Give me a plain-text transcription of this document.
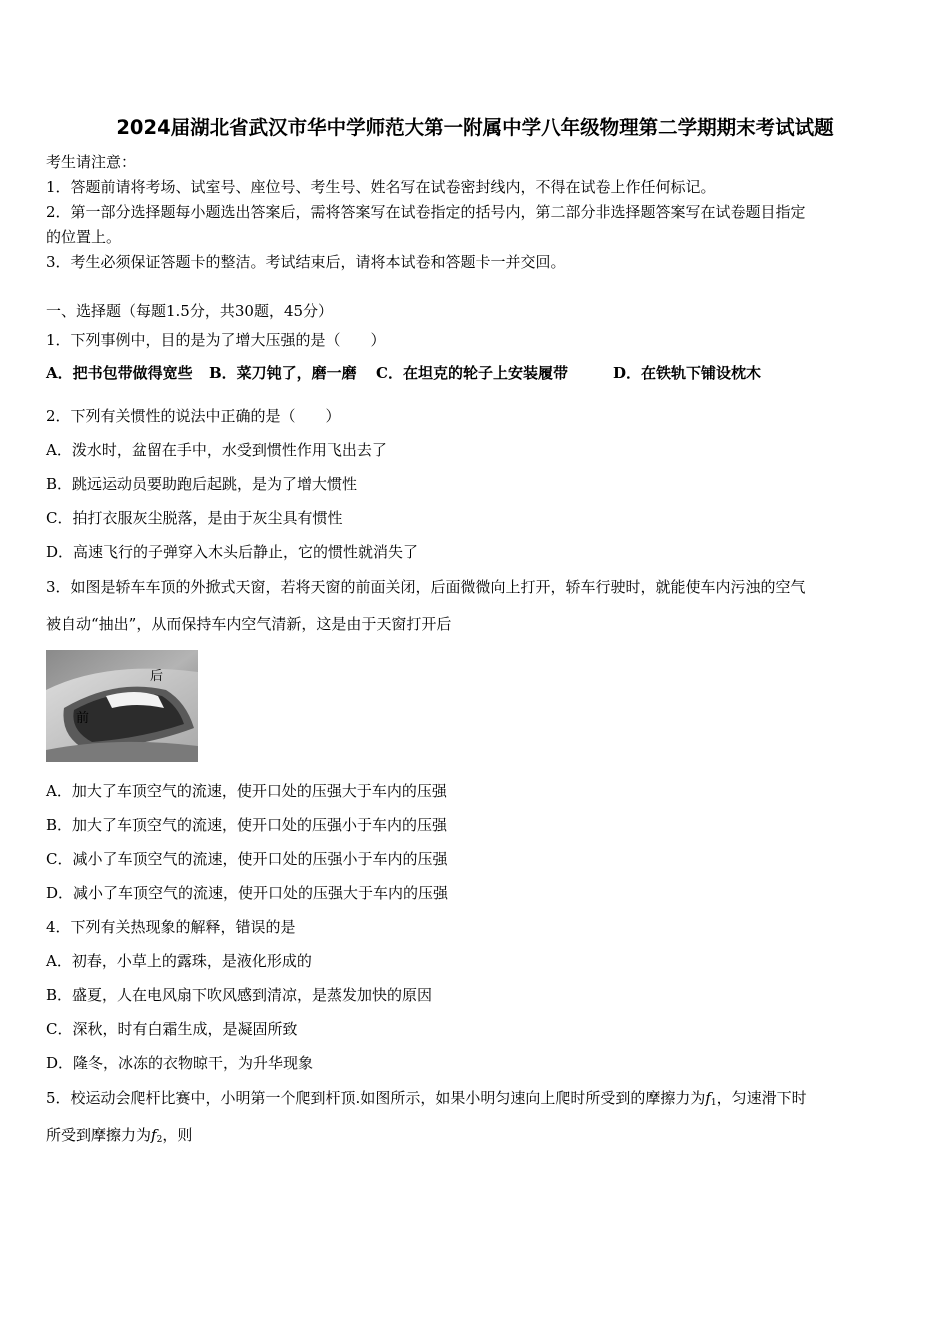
2024届湖北省武汉市华中学师范大第一附属中学八年级物理第二学期期末考试试题
考生请注意：
1．答题前请将考场、试室号、座位号、考生号、姓名写在试卷密封线内，不得在试卷上作任何标记。
2．第一部分选择题每小题选出答案后，需将答案写在试卷指定的括号内，第二部分非选择题答案写在试卷题目指定
的位置上。
3．考生必须保证答题卡的整洁。考试结束后，请将本试卷和答题卡一并交回。
一、选择题（每题1.5分，共30题，45分）
1．下列事例中，目的是为了增大压强的是（　　）
A．把书包带做得宽些 B．菜刀钝了，磨一磨 C．在坦克的轮子上安装履带	D．在铁轨下铺设枕木
2．下列有关惯性的说法中正确的是（　　）
A．泼水时，盆留在手中，水受到惯性作用飞出去了
B．跳远运动员要助跑后起跳，是为了增大惯性
C．拍打衣服灰尘脱落，是由于灰尘具有惯性
D．高速飞行的子弹穿入木头后静止，它的惯性就消失了
3．如图是轿车车顶的外掀式天窗，若将天窗的前面关闭，后面微微向上打开，轿车行驶时，就能使车内污浊的空气
被自动“抽出”，从而保持车内空气清新，这是由于天窗打开后
后
前
A．加大了车顶空气的流速，使开口处的压强大于车内的压强
B．加大了车顶空气的流速，使开口处的压强小于车内的压强
C．减小了车顶空气的流速，使开口处的压强小于车内的压强
D．减小了车顶空气的流速，使开口处的压强大于车内的压强
4．下列有关热现象的解释，错误的是
A．初春，小草上的露珠，是液化形成的
B．盛夏，人在电风扇下吹风感到清凉，是蒸发加快的原因
C．深秋，时有白霜生成，是凝固所致
D．隆冬，冰冻的衣物晾干，为升华现象
5．校运动会爬杆比赛中，小明第一个爬到杆顶.如图所示，如果小明匀速向上爬时所受到的摩擦力为$f_1$，匀速滑下时
所受到摩擦力为$f_2$，则
